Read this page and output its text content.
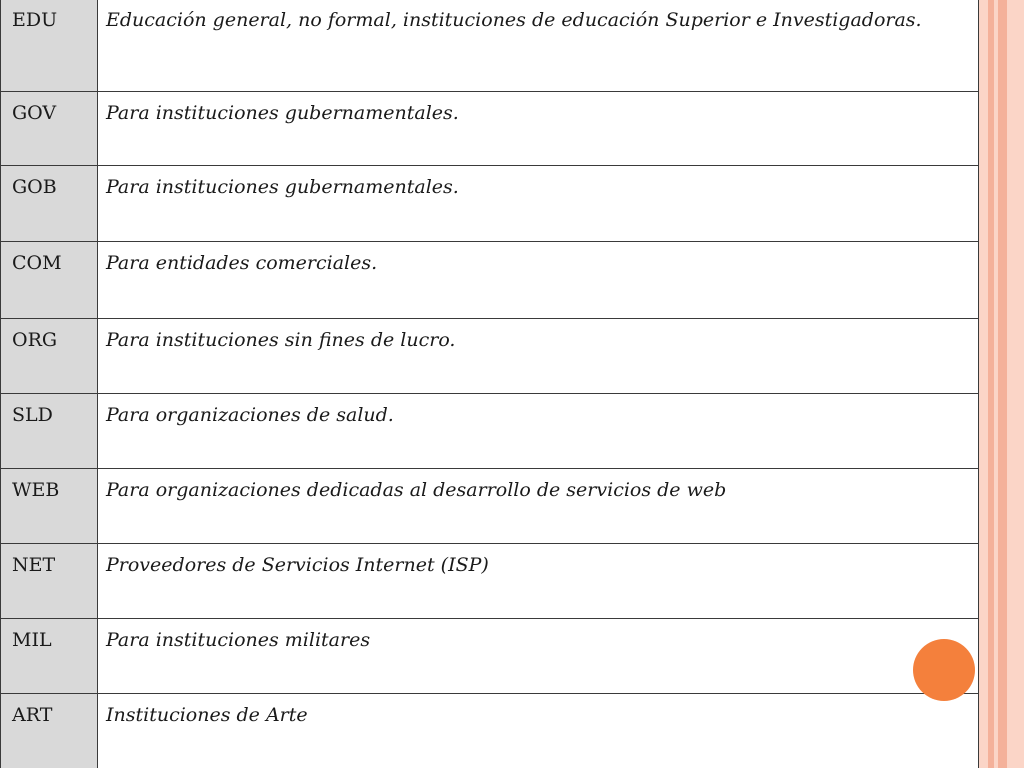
EDU	Educación general, no formal, instituciones de educación Superior e Investigadoras.
GOV	Para instituciones gubernamentales.
GOB	Para instituciones gubernamentales.
COM	Para entidades comerciales.
ORG	Para instituciones sin fines de lucro.
SLD	Para organizaciones de salud.
WEB	Para organizaciones dedicadas al desarrollo de servicios de web
NET	Proveedores de Servicios Internet (ISP)
MIL	Para instituciones militares
ART	Instituciones de Arte
